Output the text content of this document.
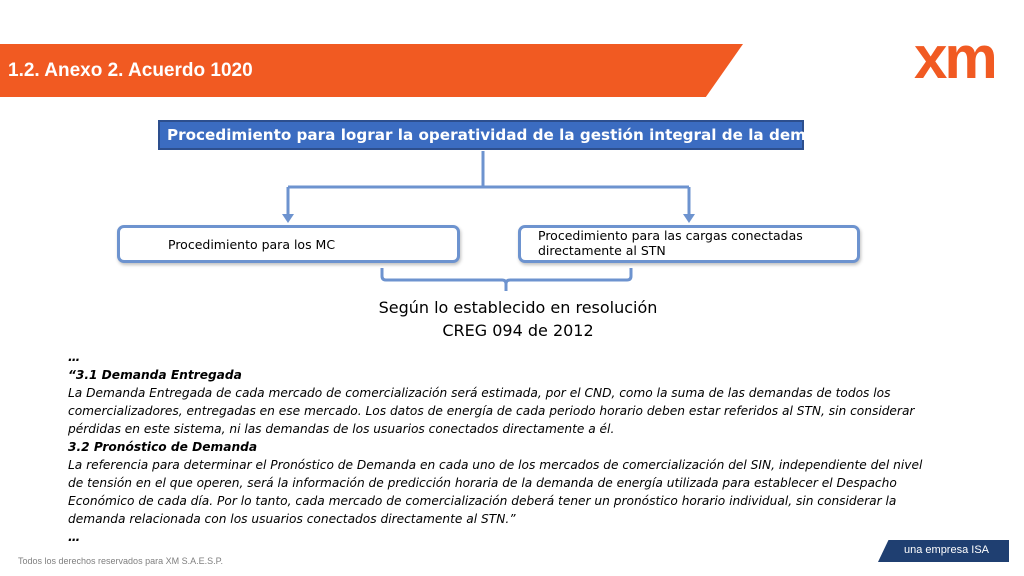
1.2. Anexo 2. Acuerdo 1020	xm
Procedimiento para lograr la operatividad de la gestión integral de la demanda
Procedimiento para los MC
Procedimiento para las cargas conectadas directamente al STN
Según lo establecido en resolución
CREG 094 de 2012

…

“3.1 Demanda Entregada

La Demanda Entregada de cada mercado de comercialización será estimada, por el CND, como la suma de las demandas de todos los comercializadores, entregadas en ese mercado. Los datos de energía de cada periodo horario deben estar referidos al STN, sin considerar pérdidas en este sistema, ni las demandas de los usuarios conectados directamente a él.

3.2 Pronóstico de Demanda

La referencia para determinar el Pronóstico de Demanda en cada uno de los mercados de comercialización del SIN, independiente del nivel de tensión en el que operen, será la información de predicción horaria de la demanda de energía utilizada para establecer el Despacho Económico de cada día. Por lo tanto, cada mercado de comercialización deberá tener un pronóstico horario individual, sin considerar la demanda relacionada con los usuarios conectados directamente al STN.”

…

Todos los derechos reservados para XM S.A.E.S.P.
una empresa ISA
